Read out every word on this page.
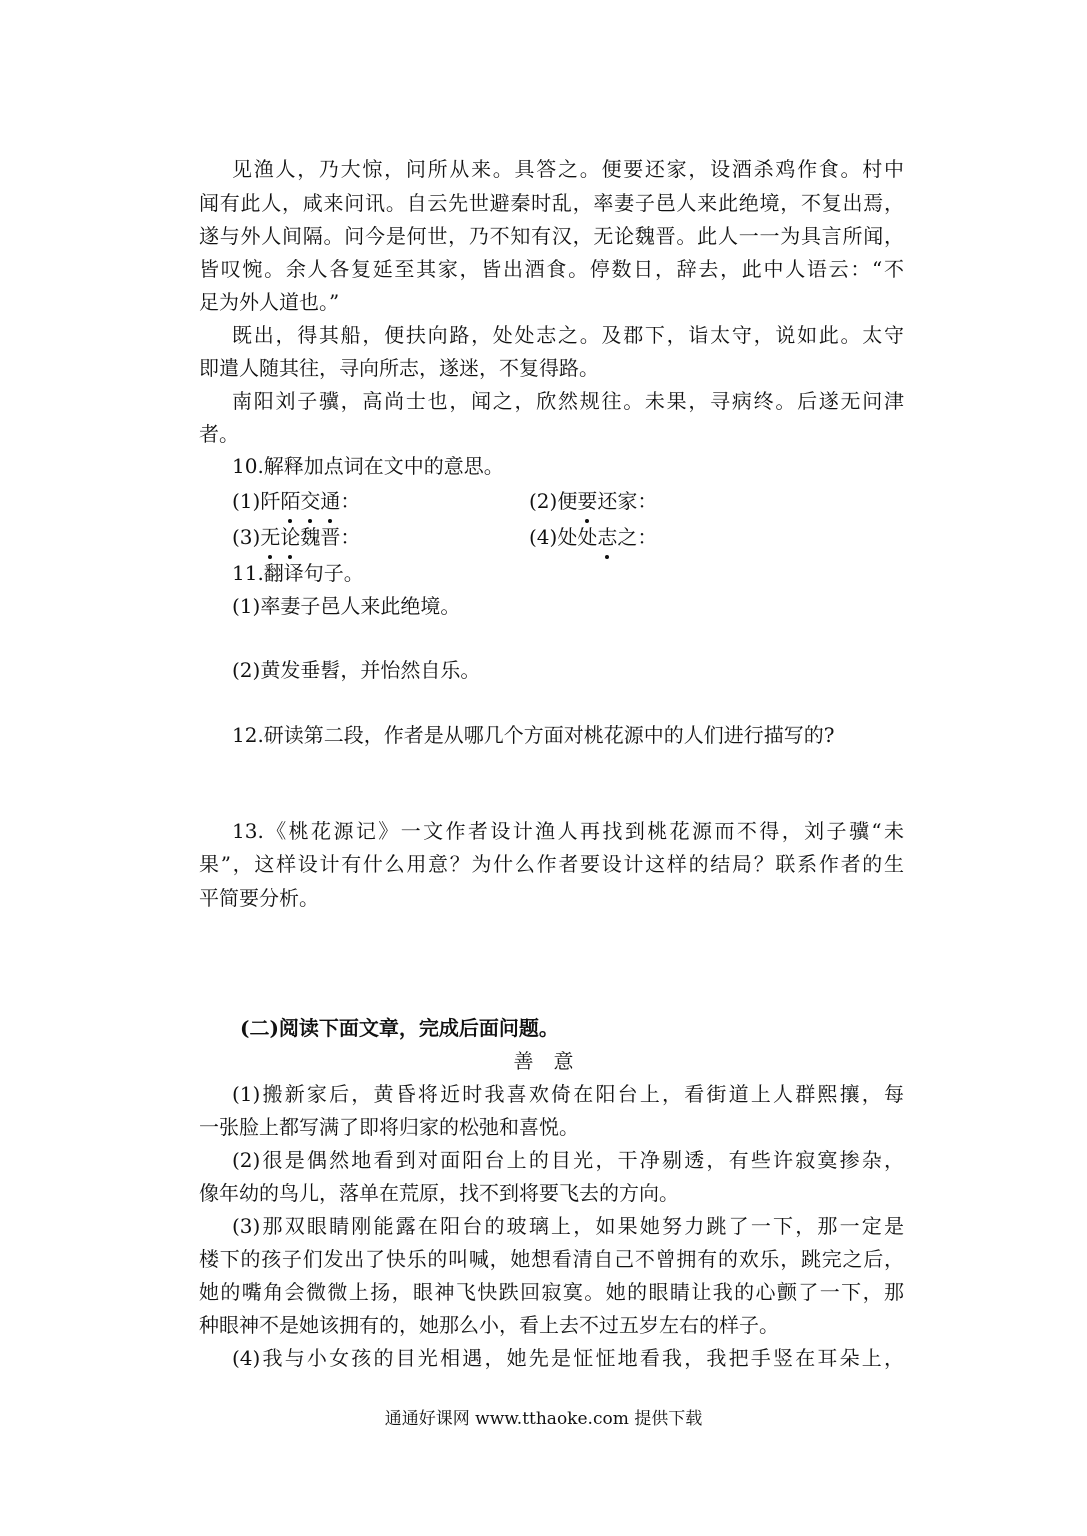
见渔人，乃大惊，问所从来。具答之。便要还家，设酒杀鸡作食。村中
闻有此人，咸来问讯。自云先世避秦时乱，率妻子邑人来此绝境，不复出焉，
遂与外人间隔。问今是何世，乃不知有汉，无论魏晋。此人一一为具言所闻，
皆叹惋。余人各复延至其家，皆出酒食。停数日，辞去，此中人语云：“不
足为外人道也。”
既出，得其船，便扶向路，处处志之。及郡下，诣太守，说如此。太守
即遣人随其往，寻向所志，遂迷，不复得路。
南阳刘子骥，高尚士也，闻之，欣然规往。未果，寻病终。后遂无问津
者。
10.解释加点词在文中的意思。
(1)阡陌交通：	(2)便要还家：
(3)无论魏晋：	(4)处处志之：
11.翻译句子。
(1)率妻子邑人来此绝境。
(2)黄发垂髫，并怡然自乐。
12.研读第二段，作者是从哪几个方面对桃花源中的人们进行描写的?
13.《桃花源记》一文作者设计渔人再找到桃花源而不得，刘子骥“未
果”，这样设计有什么用意？为什么作者要设计这样的结局？联系作者的生
平简要分析。
(二)阅读下面文章，完成后面问题。
善　意
(1)搬新家后，黄昏将近时我喜欢倚在阳台上，看街道上人群熙攘，每
一张脸上都写满了即将归家的松弛和喜悦。
(2)很是偶然地看到对面阳台上的目光，干净剔透，有些许寂寞掺杂，
像年幼的鸟儿，落单在荒原，找不到将要飞去的方向。
(3)那双眼睛刚能露在阳台的玻璃上，如果她努力跳了一下，那一定是
楼下的孩子们发出了快乐的叫喊，她想看清自己不曾拥有的欢乐，跳完之后，
她的嘴角会微微上扬，眼神飞快跌回寂寞。她的眼睛让我的心颤了一下，那
种眼神不是她该拥有的，她那么小，看上去不过五岁左右的样子。
(4)我与小女孩的目光相遇，她先是怔怔地看我，我把手竖在耳朵上，
通通好课网 www.tthaoke.com 提供下载
